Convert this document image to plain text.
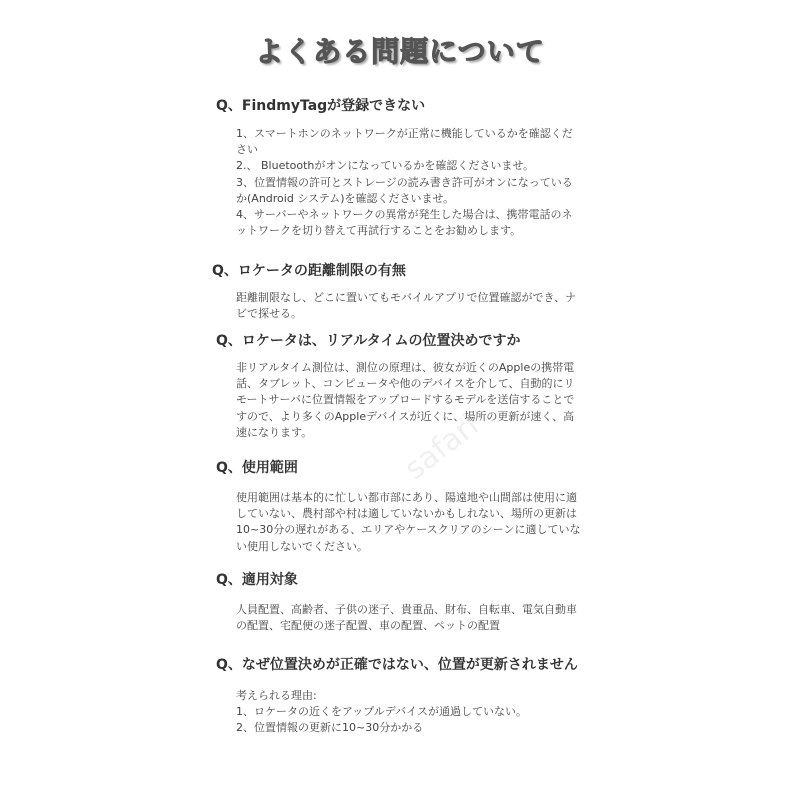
よくある問題について
Q、FindmyTagが登録できない

1、スマートホンのネットワークが正常に機能しているかを確認ください

2.、 Bluetoothがオンになっているかを確認くださいませ。

3、位置情報の許可とストレージの読み書き許可がオンになっているか(Android システム)を確認くださいませ。

4、サーバーやネットワークの異常が発生した場合は、携帯電話のネットワークを切り替えて再試行することをお勧めします。

Q、ロケータの距離制限の有無

距離制限なし、どこに置いてもモバイルアプリで位置確認ができ、ナビで探せる。

Q、ロケータは、リアルタイムの位置決めですか

非リアルタイム測位は、測位の原理は、彼女が近くのAppleの携帯電話、タブレット、コンピュータや他のデバイスを介して、自動的にリモートサーバに位置情報をアップロードするモデルを送信することですので、より多くのAppleデバイスが近くに、場所の更新が速く、高速になります。

Q、使用範囲

使用範囲は基本的に忙しい都市部にあり、陽遠地や山間部は使用に適していない、農村部や村は適していないかもしれない、場所の更新は10~30分の遅れがある、エリアやケースクリアのシーンに適していない使用しないでください。

Q、適用対象

人員配置、高齢者、子供の迷子、貴重品、財布、自転車、電気自動車の配置、宅配便の迷子配置、車の配置、ペットの配置

Q、なぜ位置決めが正確ではない、位置が更新されません

考えられる理由:

1、ロケータの近くをアップルデバイスが通過していない。

2、位置情報の更新に10~30分かかる

safari
